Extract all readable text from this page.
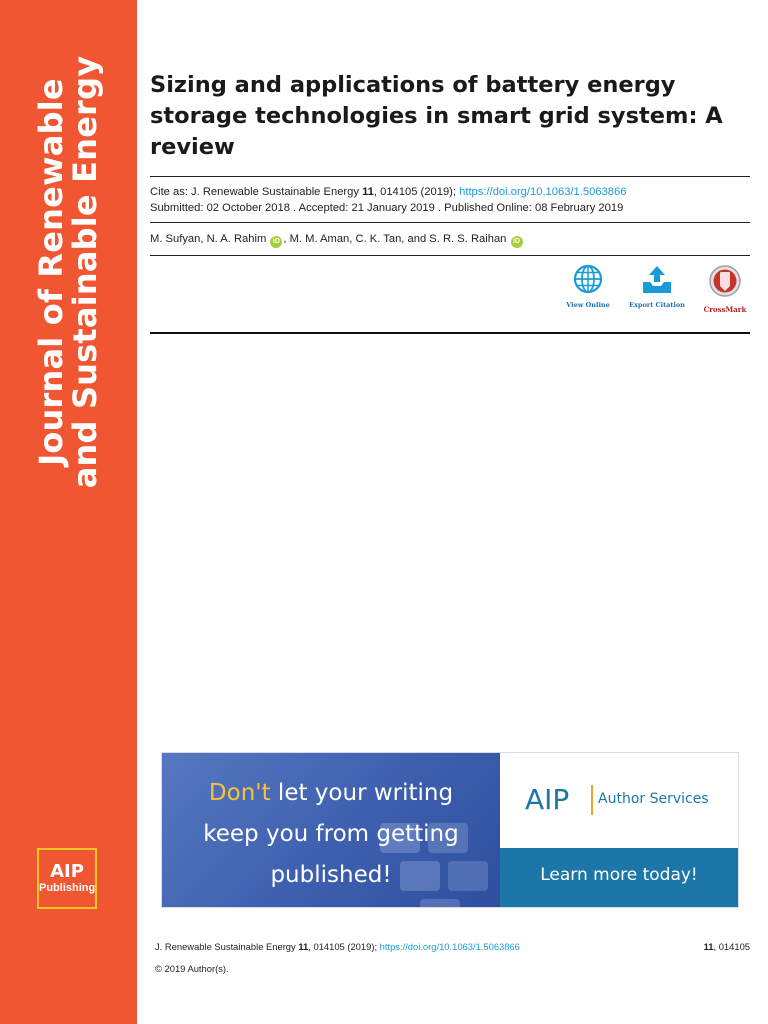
Journal of Renewable
and Sustainable Energy
AIP
Publishing
Sizing and applications of battery energy storage technologies in smart grid system: A review
Cite as: J. Renewable Sustainable Energy 11, 014105 (2019); https://doi.org/10.1063/1.5063866
Submitted: 02 October 2018 . Accepted: 21 January 2019 . Published Online: 08 February 2019
M. Sufyan, N. A. Rahim iD , M. M. Aman, C. K. Tan, and S. R. S. Raihan iD
View Online	Export Citation	CrossMark
Don't let your writing
keep you from getting
published!
AIP Author Services
Learn more today!
J. Renewable Sustainable Energy 11, 014105 (2019); https://doi.org/10.1063/1.5063866	11, 014105
© 2019 Author(s).
